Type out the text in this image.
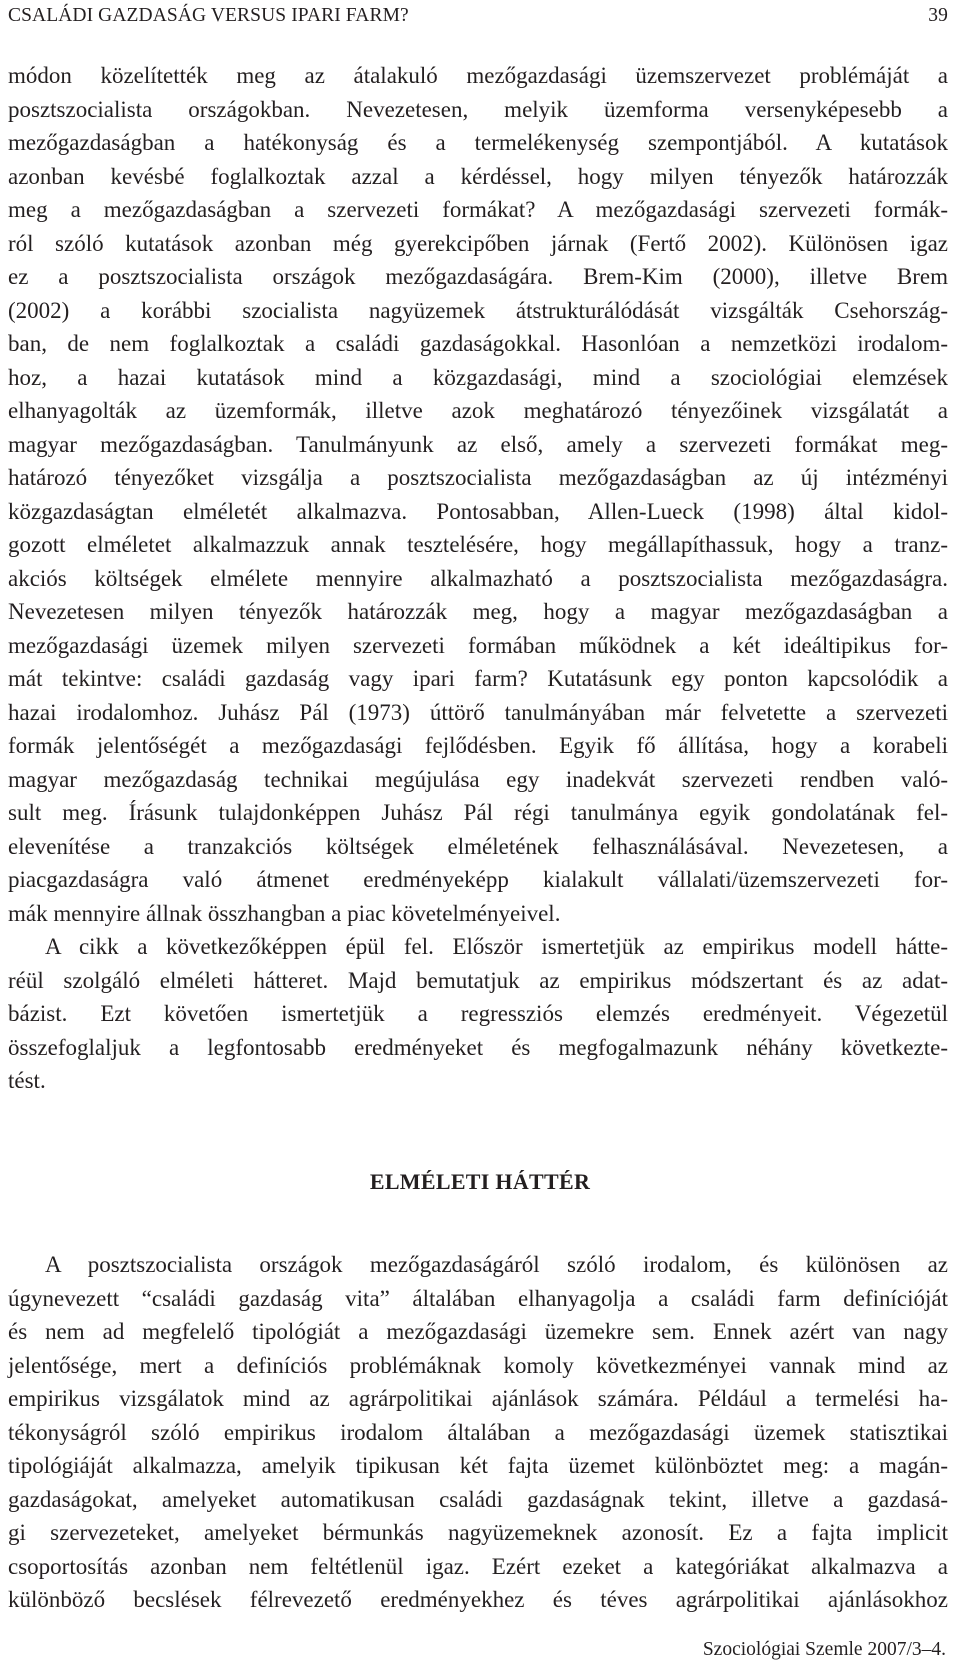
CSALÁDI GAZDASÁG VERSUS IPARI FARM?	39
módon közelítették meg az átalakuló mezőgazdasági üzemszervezet problémáját a
posztszocialista országokban. Nevezetesen, melyik üzemforma versenyképesebb a
mezőgazdaságban a hatékonyság és a termelékenység szempontjából. A kutatások
azonban kevésbé foglalkoztak azzal a kérdéssel, hogy milyen tényezők határozzák
meg a mezőgazdaságban a szervezeti formákat? A mezőgazdasági szervezeti formák-
ról szóló kutatások azonban még gyerekcipőben járnak (Fertő 2002). Különösen igaz
ez a posztszocialista országok mezőgazdaságára. Brem-Kim (2000), illetve Brem
(2002) a korábbi szocialista nagyüzemek átstrukturálódását vizsgálták Csehország-
ban, de nem foglalkoztak a családi gazdaságokkal. Hasonlóan a nemzetközi irodalom-
hoz, a hazai kutatások mind a közgazdasági, mind a szociológiai elemzések
elhanyagolták az üzemformák, illetve azok meghatározó tényezőinek vizsgálatát a
magyar mezőgazdaságban. Tanulmányunk az első, amely a szervezeti formákat meg-
határozó tényezőket vizsgálja a posztszocialista mezőgazdaságban az új intézményi
közgazdaságtan elméletét alkalmazva. Pontosabban, Allen-Lueck (1998) által kidol-
gozott elméletet alkalmazzuk annak tesztelésére, hogy megállapíthassuk, hogy a tranz-
akciós költségek elmélete mennyire alkalmazható a posztszocialista mezőgazdaságra.
Nevezetesen milyen tényezők határozzák meg, hogy a magyar mezőgazdaságban a
mezőgazdasági üzemek milyen szervezeti formában működnek a két ideáltipikus for-
mát tekintve: családi gazdaság vagy ipari farm? Kutatásunk egy ponton kapcsolódik a
hazai irodalomhoz. Juhász Pál (1973) úttörő tanulmányában már felvetette a szervezeti
formák jelentőségét a mezőgazdasági fejlődésben. Egyik fő állítása, hogy a korabeli
magyar mezőgazdaság technikai megújulása egy inadekvát szervezeti rendben való-
sult meg. Írásunk tulajdonképpen Juhász Pál régi tanulmánya egyik gondolatának fel-
elevenítése a tranzakciós költségek elméletének felhasználásával. Nevezetesen, a
piacgazdaságra való átmenet eredményeképp kialakult vállalati/üzemszervezeti for-
mák mennyire állnak összhangban a piac követelményeivel.
A cikk a következőképpen épül fel. Először ismertetjük az empirikus modell hátte-
réül szolgáló elméleti hátteret. Majd bemutatjuk az empirikus módszertant és az adat-
bázist. Ezt követően ismertetjük a regressziós elemzés eredményeit. Végezetül
összefoglaljuk a legfontosabb eredményeket és megfogalmazunk néhány következte-
tést.
ELMÉLETI HÁTTÉR
A posztszocialista országok mezőgazdaságáról szóló irodalom, és különösen az
úgynevezett “családi gazdaság vita” általában elhanyagolja a családi farm definícióját
és nem ad megfelelő tipológiát a mezőgazdasági üzemekre sem. Ennek azért van nagy
jelentősége, mert a definíciós problémáknak komoly következményei vannak mind az
empirikus vizsgálatok mind az agrárpolitikai ajánlások számára. Például a termelési ha-
tékonyságról szóló empirikus irodalom általában a mezőgazdasági üzemek statisztikai
tipológiáját alkalmazza, amelyik tipikusan két fajta üzemet különböztet meg: a magán-
gazdaságokat, amelyeket automatikusan családi gazdaságnak tekint, illetve a gazdasá-
gi szervezeteket, amelyeket bérmunkás nagyüzemeknek azonosít. Ez a fajta implicit
csoportosítás azonban nem feltétlenül igaz. Ezért ezeket a kategóriákat alkalmazva a
különböző becslések félrevezető eredményekhez és téves agrárpolitikai ajánlásokhoz
Szociológiai Szemle 2007/3–4.
